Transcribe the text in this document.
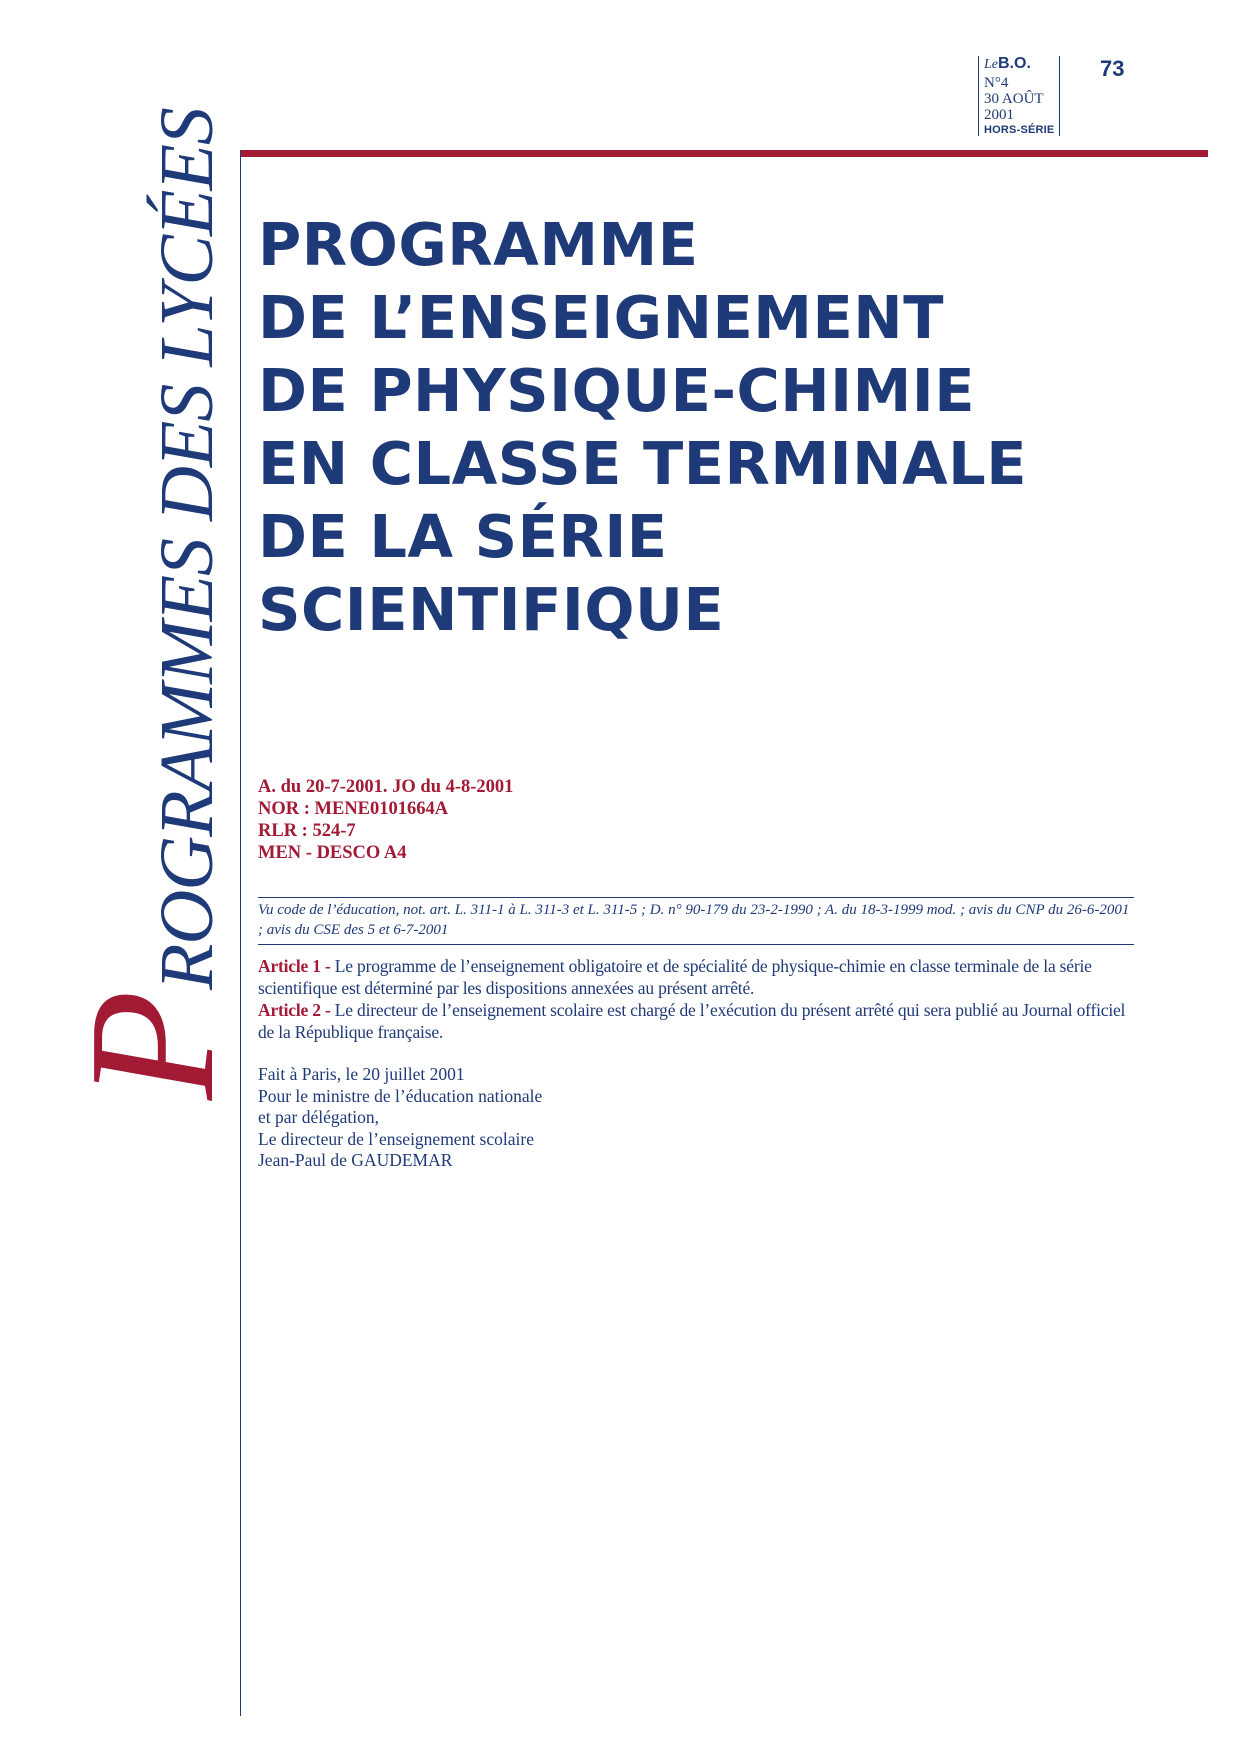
LeB.O.
N°4
30 AOÛT
2001
HORS-SÉRIE
73
PROGRAMMES DES LYCÉES PROGRAMME
DE L’ENSEIGNEMENT
DE PHYSIQUE-CHIMIE
EN CLASSE TERMINALE
DE LA SÉRIE
SCIENTIFIQUE
A. du 20-7-2001. JO du 4-8-2001
NOR : MENE0101664A
RLR : 524-7
MEN - DESCO A4
Vu code de l’éducation, not. art. L. 311-1 à L. 311-3 et L. 311-5 ; D. n° 90-179 du 23-2-1990 ; A. du 18-3-1999 mod. ; avis du CNP du 26-6-2001 ; avis du CSE des 5 et 6-7-2001

Article 1 - Le programme de l’enseignement obligatoire et de spécialité de physique-chimie en classe terminale de la série scientifique est déterminé par les dispositions annexées au présent arrêté.

Article 2 - Le directeur de l’enseignement scolaire est chargé de l’exécution du présent arrêté qui sera publié au Journal officiel de la République française.

Fait à Paris, le 20 juillet 2001
Pour le ministre de l’éducation nationale
et par délégation,
Le directeur de l’enseignement scolaire
Jean-Paul de GAUDEMAR
